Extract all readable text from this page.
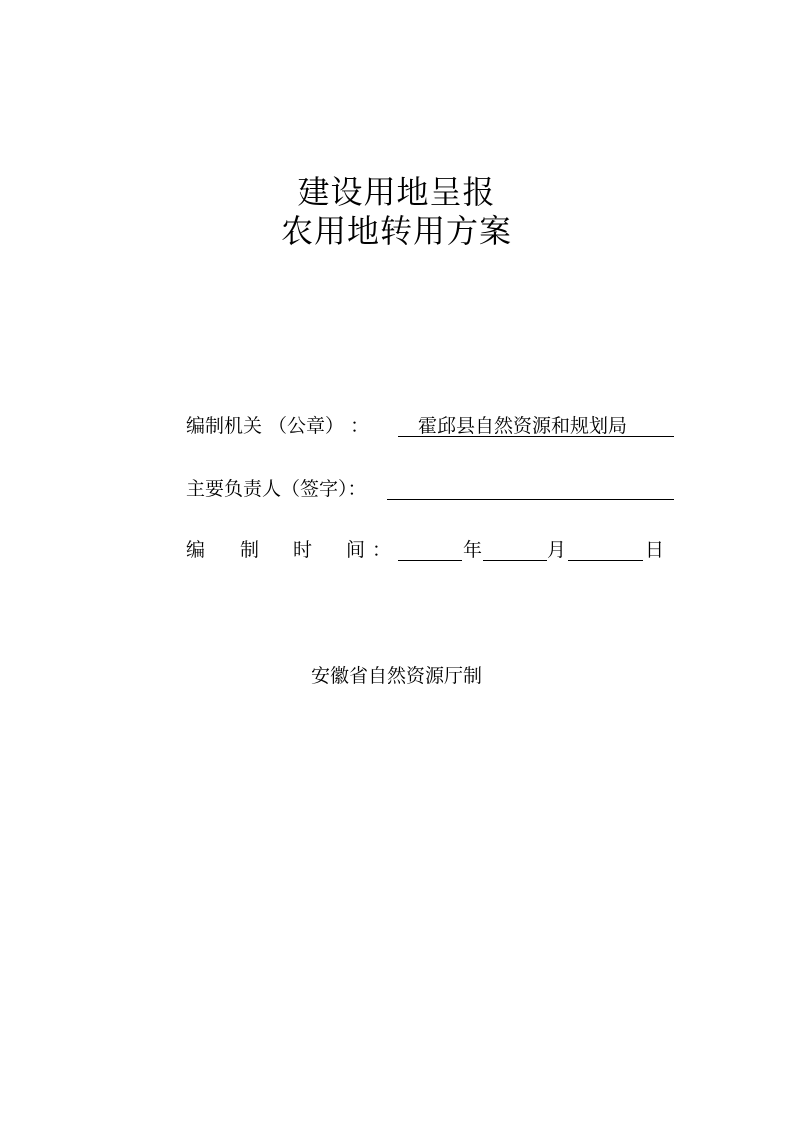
建设用地呈报
农用地转用方案
编制机关 （公章） ：	霍邱县自然资源和规划局
主要负责人（签字）：
编 制 时 间 ：	年	月	日
安徽省自然资源厅制
